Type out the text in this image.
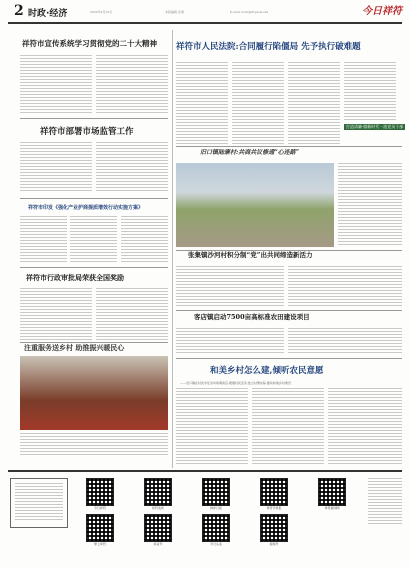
2 时政·经济	2022年2月10日	本版编辑 张萌	E-mail: hzrb@zhyaxw.net	今日祥符
祥符市宣传系统学习贯彻党的二十大精神
祥符市部署市场监管工作
祥符市印发《强化产业护商提质增效行动实施方案》
祥符市行政审批局荣获全国奖励
注重服务送乡村 助推振兴暖民心
祥符市人民法院:合同履行陷僵局 先予执行破难题
打造清廉·做新时代一流党员干部
旧口镇陆寨村:共商共议修通“心连路”
张集镇沙河村积分制“党”出共同缔造新活力
客店镇启动7500亩高标准农田建设项目
和美乡村怎么建,倾听农民意愿
——旧口镇在村民中征求问卷调查后,根据村民意见,结合村情实际,推动和美乡村建设
今日祥符	祥符发布	钟祥日报	祥符手机报	祥符新闻网
掌上祥符	抖音号	今日头条	视频号
